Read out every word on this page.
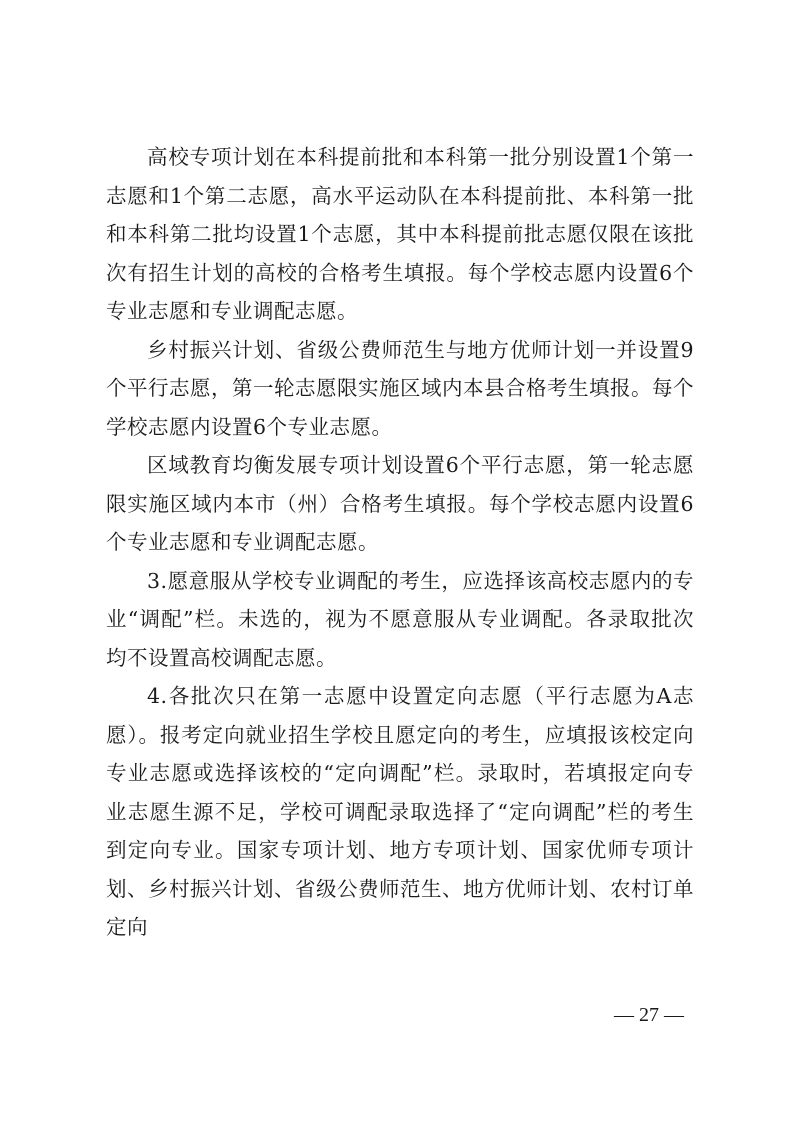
高校专项计划在本科提前批和本科第一批分别设置1个第一志愿和1个第二志愿，高水平运动队在本科提前批、本科第一批和本科第二批均设置1个志愿，其中本科提前批志愿仅限在该批次有招生计划的高校的合格考生填报。每个学校志愿内设置6个专业志愿和专业调配志愿。

乡村振兴计划、省级公费师范生与地方优师计划一并设置9个平行志愿，第一轮志愿限实施区域内本县合格考生填报。每个学校志愿内设置6个专业志愿。

区域教育均衡发展专项计划设置6个平行志愿，第一轮志愿限实施区域内本市（州）合格考生填报。每个学校志愿内设置6个专业志愿和专业调配志愿。

3.愿意服从学校专业调配的考生，应选择该高校志愿内的专业“调配”栏。未选的，视为不愿意服从专业调配。各录取批次均不设置高校调配志愿。

4.各批次只在第一志愿中设置定向志愿（平行志愿为A志愿）。报考定向就业招生学校且愿定向的考生，应填报该校定向专业志愿或选择该校的“定向调配”栏。录取时，若填报定向专业志愿生源不足，学校可调配录取选择了“定向调配”栏的考生到定向专业。国家专项计划、地方专项计划、国家优师专项计划、乡村振兴计划、省级公费师范生、地方优师计划、农村订单定向

— 27 —
